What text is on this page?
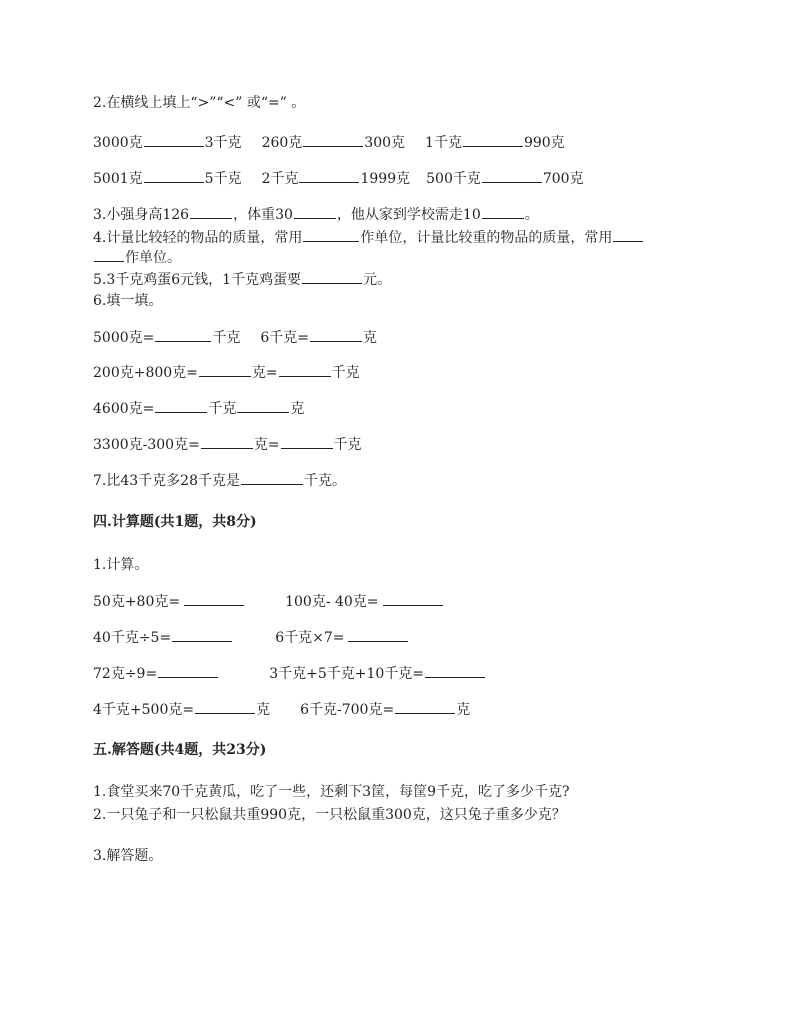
2.在横线上填上“>”“<” 或“=” 。
3000克	3千克 260克	300克 1千克	990克
5001克	5千克 2千克	1999克 500千克	700克
3.小强身高126	，体重30	，他从家到学校需走10	。
4.计量比较轻的物品的质量，常用	作单位，计量比较重的物品的质量，常用
作单位。
5.3千克鸡蛋6元钱，1千克鸡蛋要	元。
6.填一填。
5000克=	千克 6千克=	克
200克+800克=	克=	千克
4600克=	千克	克
3300克-300克=	克=	千克
7.比43千克多28千克是	千克。
四.计算题(共1题，共8分)
1.计算。
50克+80克=	100克- 40克=
40千克÷5=	6千克×7=
72克÷9=	3千克+5千克+10千克=
4千克+500克=	克 6千克-700克=	克
五.解答题(共4题，共23分)
1.食堂买来70千克黄瓜，吃了一些，还剩下3筐，每筐9千克，吃了多少千克?
2.一只兔子和一只松鼠共重990克，一只松鼠重300克，这只兔子重多少克？
3.解答题。
